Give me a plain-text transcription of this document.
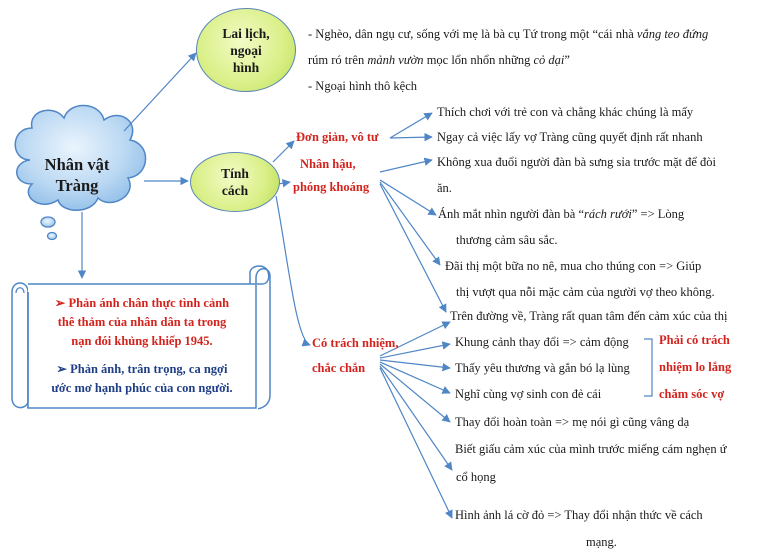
Nhân vật
Tràng
Lai lịch,
ngoại
hình
Tính
cách
- Nghèo, dân ngụ cư, sống với mẹ là bà cụ Tứ trong một “cái nhà vắng teo đứng
rúm ró trên mảnh vườn mọc lổn nhổn những cỏ dại”
- Ngoại hình thô kệch
Đơn giản, vô tư
Nhân hậu,
phóng khoáng
Có trách nhiệm,
chắc chắn
Thích chơi với trẻ con và chẳng khác chúng là mấy
Ngay cả việc lấy vợ Tràng cũng quyết định rất nhanh
Không xua đuổi người đàn bà sưng sỉa trước mặt để đòi
ăn.
Ánh mắt nhìn người đàn bà “rách rưới” => Lòng
thương cảm sâu sắc.
Đãi thị một bữa no nê, mua cho thúng con => Giúp
thị vượt qua nỗi mặc cảm của người vợ theo không.
Trên đường về, Tràng rất quan tâm đến cảm xúc của thị
Khung cảnh thay đổi => cảm động
Thấy yêu thương và gắn bó lạ lùng
Nghĩ cùng vợ sinh con đẻ cái
Thay đổi hoàn toàn => mẹ nói gì cũng vâng dạ
Biết giấu cảm xúc của mình trước miếng cám nghẹn ứ
cổ họng
Hình ảnh lá cờ đỏ => Thay đổi nhận thức về cách
mạng.
Phải có trách
nhiệm lo lắng
chăm sóc vợ
➢ Phản ánh chân thực tình cảnh
thê thảm của nhân dân ta trong
nạn đói khủng khiếp 1945.
➢ Phản ánh, trân trọng, ca ngợi
ước mơ hạnh phúc của con người.
